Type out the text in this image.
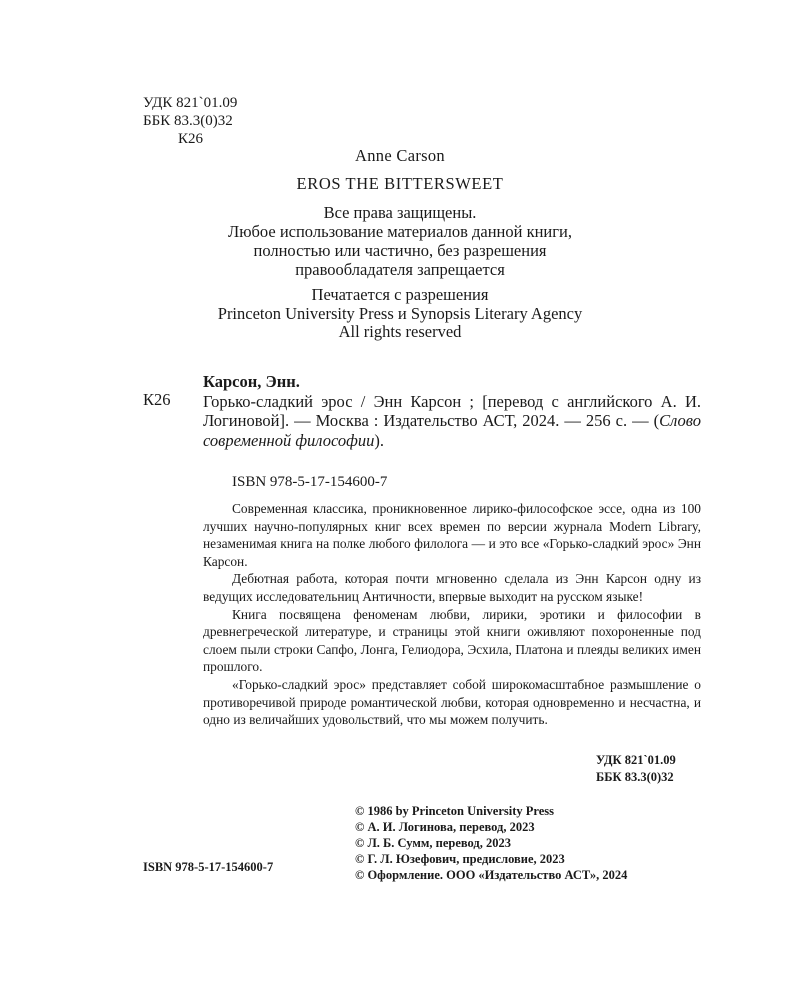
УДК 821`01.09
ББК 83.3(0)32
К26
Anne Carson
EROS THE BITTERSWEET
Все права защищены.
Любое использование материалов данной книги,
полностью или частично, без разрешения
правообладателя запрещается
Печатается с разрешения
Princeton University Press и Synopsis Literary Agency
All rights reserved
К26
Карсон, Энн.
Горько-сладкий эрос / Энн Карсон ; [перевод с английского А. И. Логиновой]. — Москва : Издательство АСТ, 2024. — 256 с. — (Слово современной философии).
ISBN 978-5-17-154600-7

Современная классика, проникновенное лирико-философское эссе, одна из 100 лучших научно-популярных книг всех времен по версии журнала Modern Library, незаменимая книга на полке любого филолога — и это все «Горько-сладкий эрос» Энн Карсон.

Дебютная работа, которая почти мгновенно сделала из Энн Карсон одну из ведущих исследовательниц Античности, впервые выходит на русском языке!

Книга посвящена феноменам любви, лирики, эротики и философии в древнегреческой литературе, и страницы этой книги оживляют похороненные под слоем пыли строки Сапфо, Лонга, Гелиодора, Эсхила, Платона и плеяды великих имен прошлого.

«Горько-сладкий эрос» представляет собой широкомасштабное размышление о противоречивой природе романтической любви, которая одновременно и несчастна, и одно из величайших удовольствий, что мы можем получить.

УДК 821`01.09
ББК 83.3(0)32
© 1986 by Princeton University Press
© А. И. Логинова, перевод, 2023
© Л. Б. Сумм, перевод, 2023
© Г. Л. Юзефович, предисловие, 2023
© Оформление. ООО «Издательство АСТ», 2024
ISBN 978-5-17-154600-7
